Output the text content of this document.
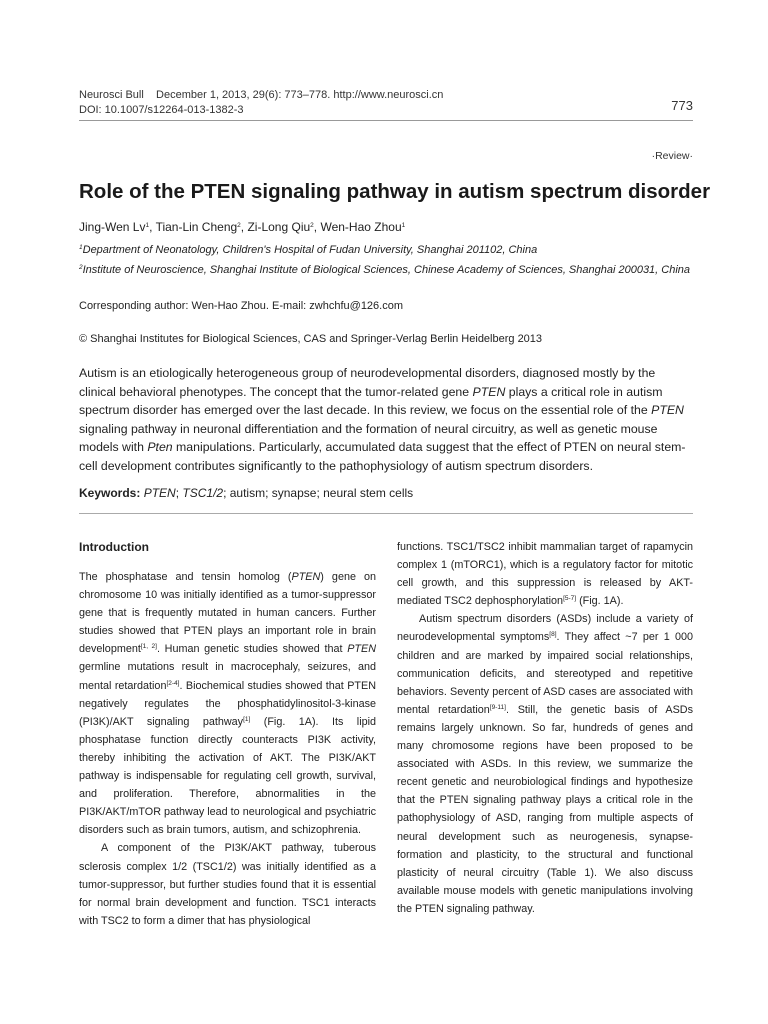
Neurosci Bull    December 1, 2013, 29(6): 773–778. http://www.neurosci.cn
DOI: 10.1007/s12264-013-1382-3	773
·Review·
Role of the PTEN signaling pathway in autism spectrum disorder
Jing-Wen Lv$^1$, Tian-Lin Cheng$^2$, Zi-Long Qiu$^2$, Wen-Hao Zhou$^1$
$^1$Department of Neonatology, Children's Hospital of Fudan University, Shanghai 201102, China
$^2$Institute of Neuroscience, Shanghai Institute of Biological Sciences, Chinese Academy of Sciences, Shanghai 200031, China
Corresponding author: Wen-Hao Zhou. E-mail: zwhchfu@126.com
© Shanghai Institutes for Biological Sciences, CAS and Springer-Verlag Berlin Heidelberg 2013
Autism is an etiologically heterogeneous group of neurodevelopmental disorders, diagnosed mostly by the clinical behavioral phenotypes. The concept that the tumor-related gene PTEN plays a critical role in autism spectrum disorder has emerged over the last decade. In this review, we focus on the essential role of the PTEN signaling pathway in neuronal differentiation and the formation of neural circuitry, as well as genetic mouse models with Pten manipulations. Particularly, accumulated data suggest that the effect of PTEN on neural stem-cell development contributes significantly to the pathophysiology of autism spectrum disorders.
Keywords: PTEN; TSC1/2; autism; synapse; neural stem cells
Introduction

The phosphatase and tensin homolog (PTEN) gene on chromosome 10 was initially identified as a tumor-suppressor gene that is frequently mutated in human cancers. Further studies showed that PTEN plays an important role in brain development[1, 2]. Human genetic studies showed that PTEN germline mutations result in macrocephaly, seizures, and mental retardation[2-4]. Biochemical studies showed that PTEN negatively regulates the phosphatidylinositol-3-kinase (PI3K)/AKT signaling pathway[1] (Fig. 1A). Its lipid phosphatase function directly counteracts PI3K activity, thereby inhibiting the activation of AKT. The PI3K/AKT pathway is indispensable for regulating cell growth, survival, and proliferation. Therefore, abnormalities in the PI3K/AKT/mTOR pathway lead to neurological and psychiatric disorders such as brain tumors, autism, and schizophrenia.

A component of the PI3K/AKT pathway, tuberous sclerosis complex 1/2 (TSC1/2) was initially identified as a tumor-suppressor, but further studies found that it is essential for normal brain development and function. TSC1 interacts with TSC2 to form a dimer that has physiological

functions. TSC1/TSC2 inhibit mammalian target of rapamycin complex 1 (mTORC1), which is a regulatory factor for mitotic cell growth, and this suppression is released by AKT-mediated TSC2 dephosphorylation[5-7] (Fig. 1A).

Autism spectrum disorders (ASDs) include a variety of neurodevelopmental symptoms[8]. They affect ~7 per 1 000 children and are marked by impaired social relationships, communication deficits, and stereotyped and repetitive behaviors. Seventy percent of ASD cases are associated with mental retardation[9-11]. Still, the genetic basis of ASDs remains largely unknown. So far, hundreds of genes and many chromosome regions have been proposed to be associated with ASDs. In this review, we summarize the recent genetic and neurobiological findings and hypothesize that the PTEN signaling pathway plays a critical role in the pathophysiology of ASD, ranging from multiple aspects of neural development such as neurogenesis, synapse-formation and plasticity, to the structural and functional plasticity of neural circuitry (Table 1). We also discuss available mouse models with genetic manipulations involving the PTEN signaling pathway.
